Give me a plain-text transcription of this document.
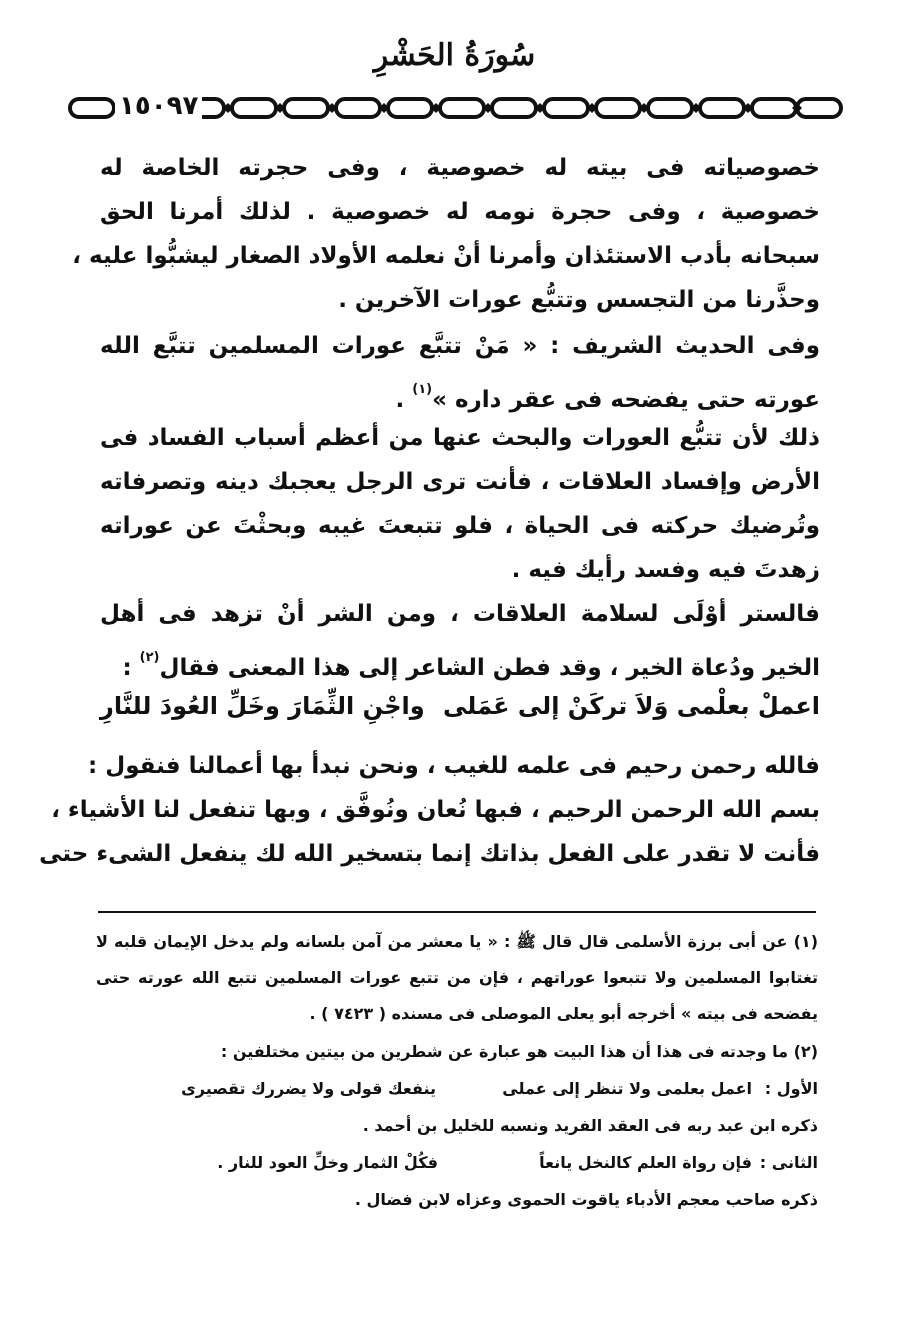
سُورَةُ الحَشْرِ
١٥٠٩٧
خصوصياته فى بيته له خصوصية ، وفى حجرته الخاصة له
خصوصية ، وفى حجرة نومه له خصوصية . لذلك أمرنا الحق
سبحانه بأدب الاستئذان وأمرنا أنْ نعلمه الأولاد الصغار ليشبُّوا عليه ،
وحذَّرنا من التجسس وتتبُّع عورات الآخرين .
وفى الحديث الشريف : « مَنْ تتبَّع عورات المسلمين تتبَّع الله
عورته حتى يفضحه فى عقر داره »$^{(١)}$ .
ذلك لأن تتبُّع العورات والبحث عنها من أعظم أسباب الفساد فى
الأرض وإفساد العلاقات ، فأنت ترى الرجل يعجبك دينه وتصرفاته
وتُرضيك حركته فى الحياة ، فلو تتبعتَ غيبه وبحثْتَ عن عوراته
زهدتَ فيه وفسد رأيك فيه .
فالستر أوْلَى لسلامة العلاقات ، ومن الشر أنْ تزهد فى أهل
الخير ودُعاة الخير ، وقد فطن الشاعر إلى هذا المعنى فقال$^{(٢)}$ :
اعملْ بعلْمى وَلاَ تركَنْ إلى عَمَلى
واجْنِ الثِّمَارَ وخَلِّ العُودَ للنَّارِ
فالله رحمن رحيم فى علمه للغيب ، ونحن نبدأ بها أعمالنا فنقول :
بسم الله الرحمن الرحيم ، فبها نُعان ونُوفَّق ، وبها تنفعل لنا الأشياء ،
فأنت لا تقدر على الفعل بذاتك إنما بتسخير الله لك ينفعل الشىء حتى
(١) عن أبى برزة الأسلمى قال قال ﷺ : « يا معشر من آمن بلسانه ولم يدخل الإيمان قلبه لا
تغتابوا المسلمين ولا تتبعوا عوراتهم ، فإن من تتبع عورات المسلمين تتبع الله عورته حتى
يفضحه فى بيته » أخرجه أبو يعلى الموصلى فى مسنده ( ٧٤٢٣ ) .
(٢) ما وجدته فى هذا أن هذا البيت هو عبارة عن شطرين من بيتين مختلفين :
الأول :
اعمل بعلمى ولا تنظر إلى عملى
ينفعك قولى ولا يضررك تقصيرى
ذكره ابن عبد ربه فى العقد الفريد ونسبه للخليل بن أحمد .
الثانى :
فإن رواة العلم كالنخل يانعاً
فكُلْ الثمار وخلِّ العود للنار .
ذكره صاحب معجم الأدباء ياقوت الحموى وعزاه لابن فضال .
